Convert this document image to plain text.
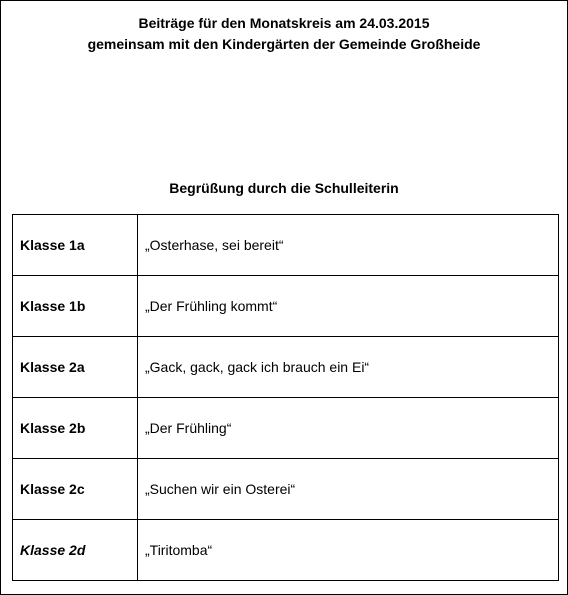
Beiträge für den Monatskreis am 24.03.2015
gemeinsam mit den Kindergärten der Gemeinde Großheide
Begrüßung durch die Schulleiterin
Klasse 1a	„Osterhase, sei bereit“
Klasse 1b	„Der Frühling kommt“
Klasse 2a	„Gack, gack, gack ich brauch ein Ei“
Klasse 2b	„Der Frühling“
Klasse 2c	„Suchen wir ein Osterei“
Klasse 2d	„Tiritomba“
